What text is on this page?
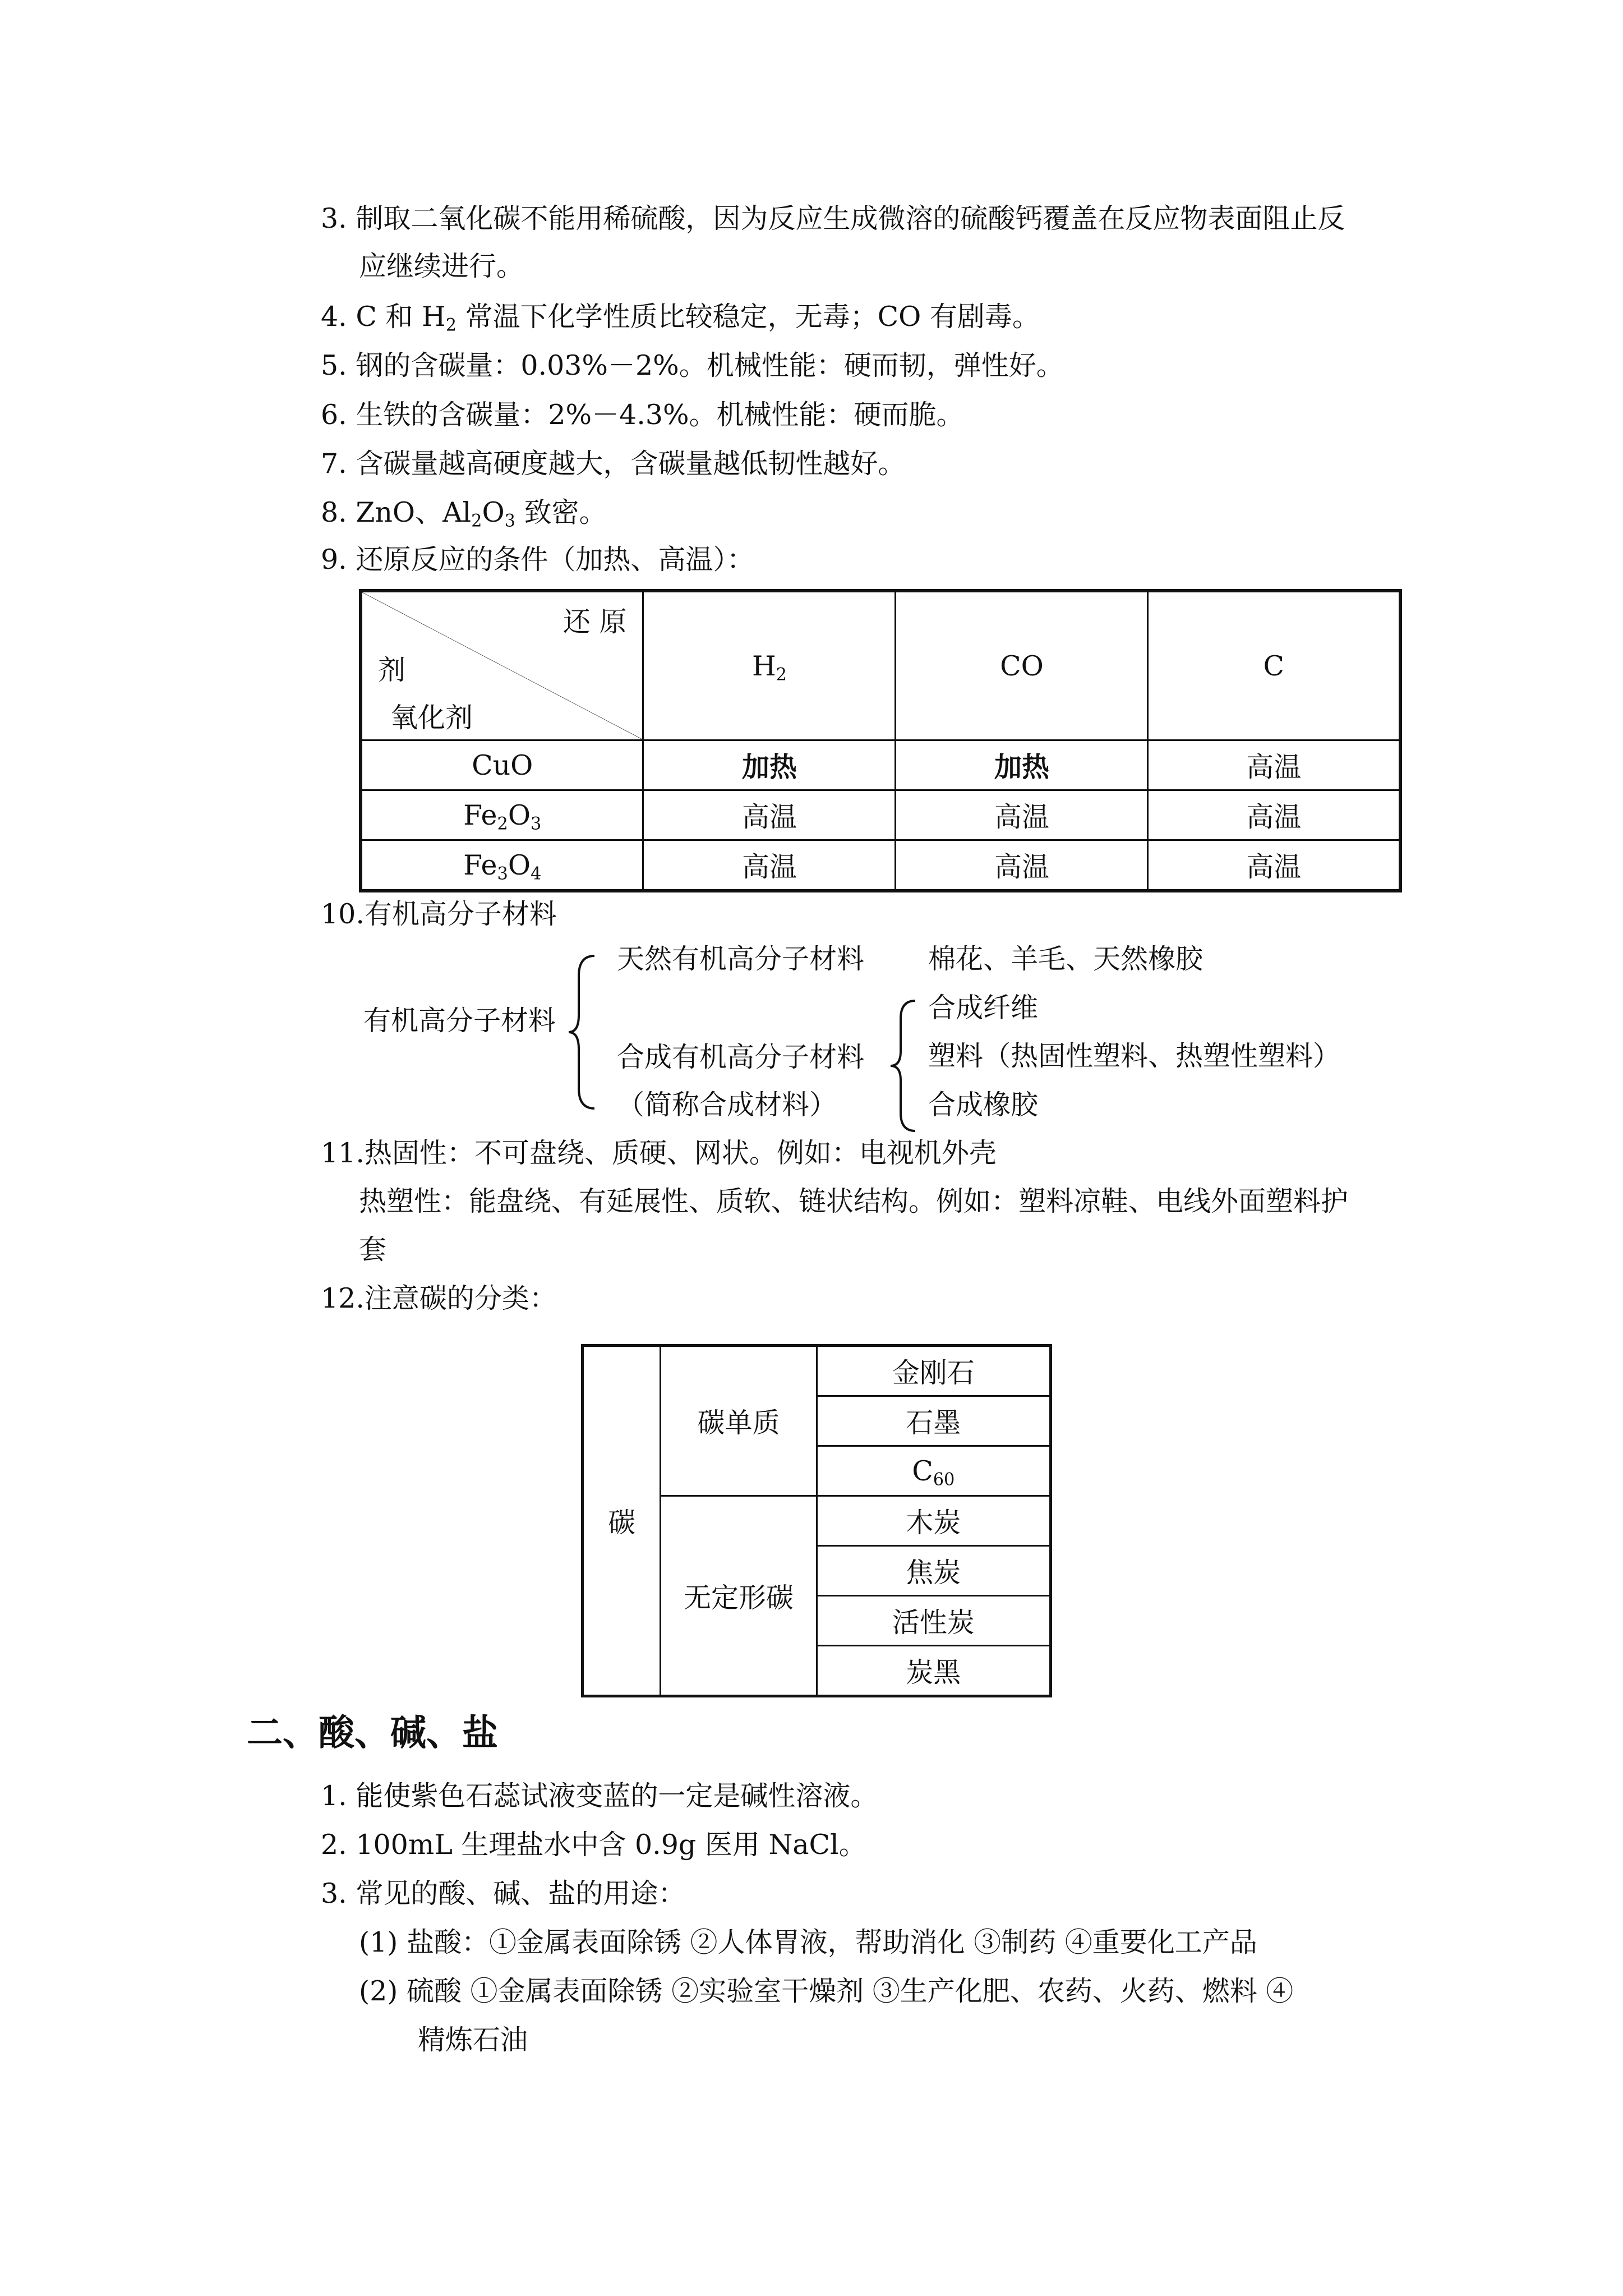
3. 制取二氧化碳不能用稀硫酸，因为反应生成微溶的硫酸钙覆盖在反应物表面阻止反
应继续进行。
4. C 和 $H_2$ 常温下化学性质比较稳定，无毒；CO 有剧毒。
5. 钢的含碳量：0.03%－2%。机械性能：硬而韧，弹性好。
6. 生铁的含碳量：2%－4.3%。机械性能：硬而脆。
7. 含碳量越高硬度越大，含碳量越低韧性越好。
8. ZnO、$Al_2O_3$ 致密。
9. 还原反应的条件（加热、高温）：
还 原
剂
氧化剂	$H_2$	CO	C
CuO	加热	加热	高温
$Fe_2O_3$	高温	高温	高温
$Fe_3O_4$	高温	高温	高温
10.有机高分子材料
有机高分子材料
天然有机高分子材料 棉花、羊毛、天然橡胶
合成有机高分子材料
（简称合成材料）
合成纤维
塑料（热固性塑料、热塑性塑料）
合成橡胶
11.热固性：不可盘绕、质硬、网状。例如：电视机外壳
热塑性：能盘绕、有延展性、质软、链状结构。例如：塑料凉鞋、电线外面塑料护
套
12.注意碳的分类：
碳	碳单质	金刚石
		石墨
		$C_{60}$
	无定形碳	木炭
		焦炭
		活性炭
		炭黑
二、酸、碱、盐
1. 能使紫色石蕊试液变蓝的一定是碱性溶液。
2. 100mL 生理盐水中含 0.9g 医用 NaCl。
3. 常见的酸、碱、盐的用途：
(1) 盐酸：①金属表面除锈 ②人体胃液，帮助消化 ③制药 ④重要化工产品
(2) 硫酸 ①金属表面除锈 ②实验室干燥剂 ③生产化肥、农药、火药、燃料 ④
精炼石油
